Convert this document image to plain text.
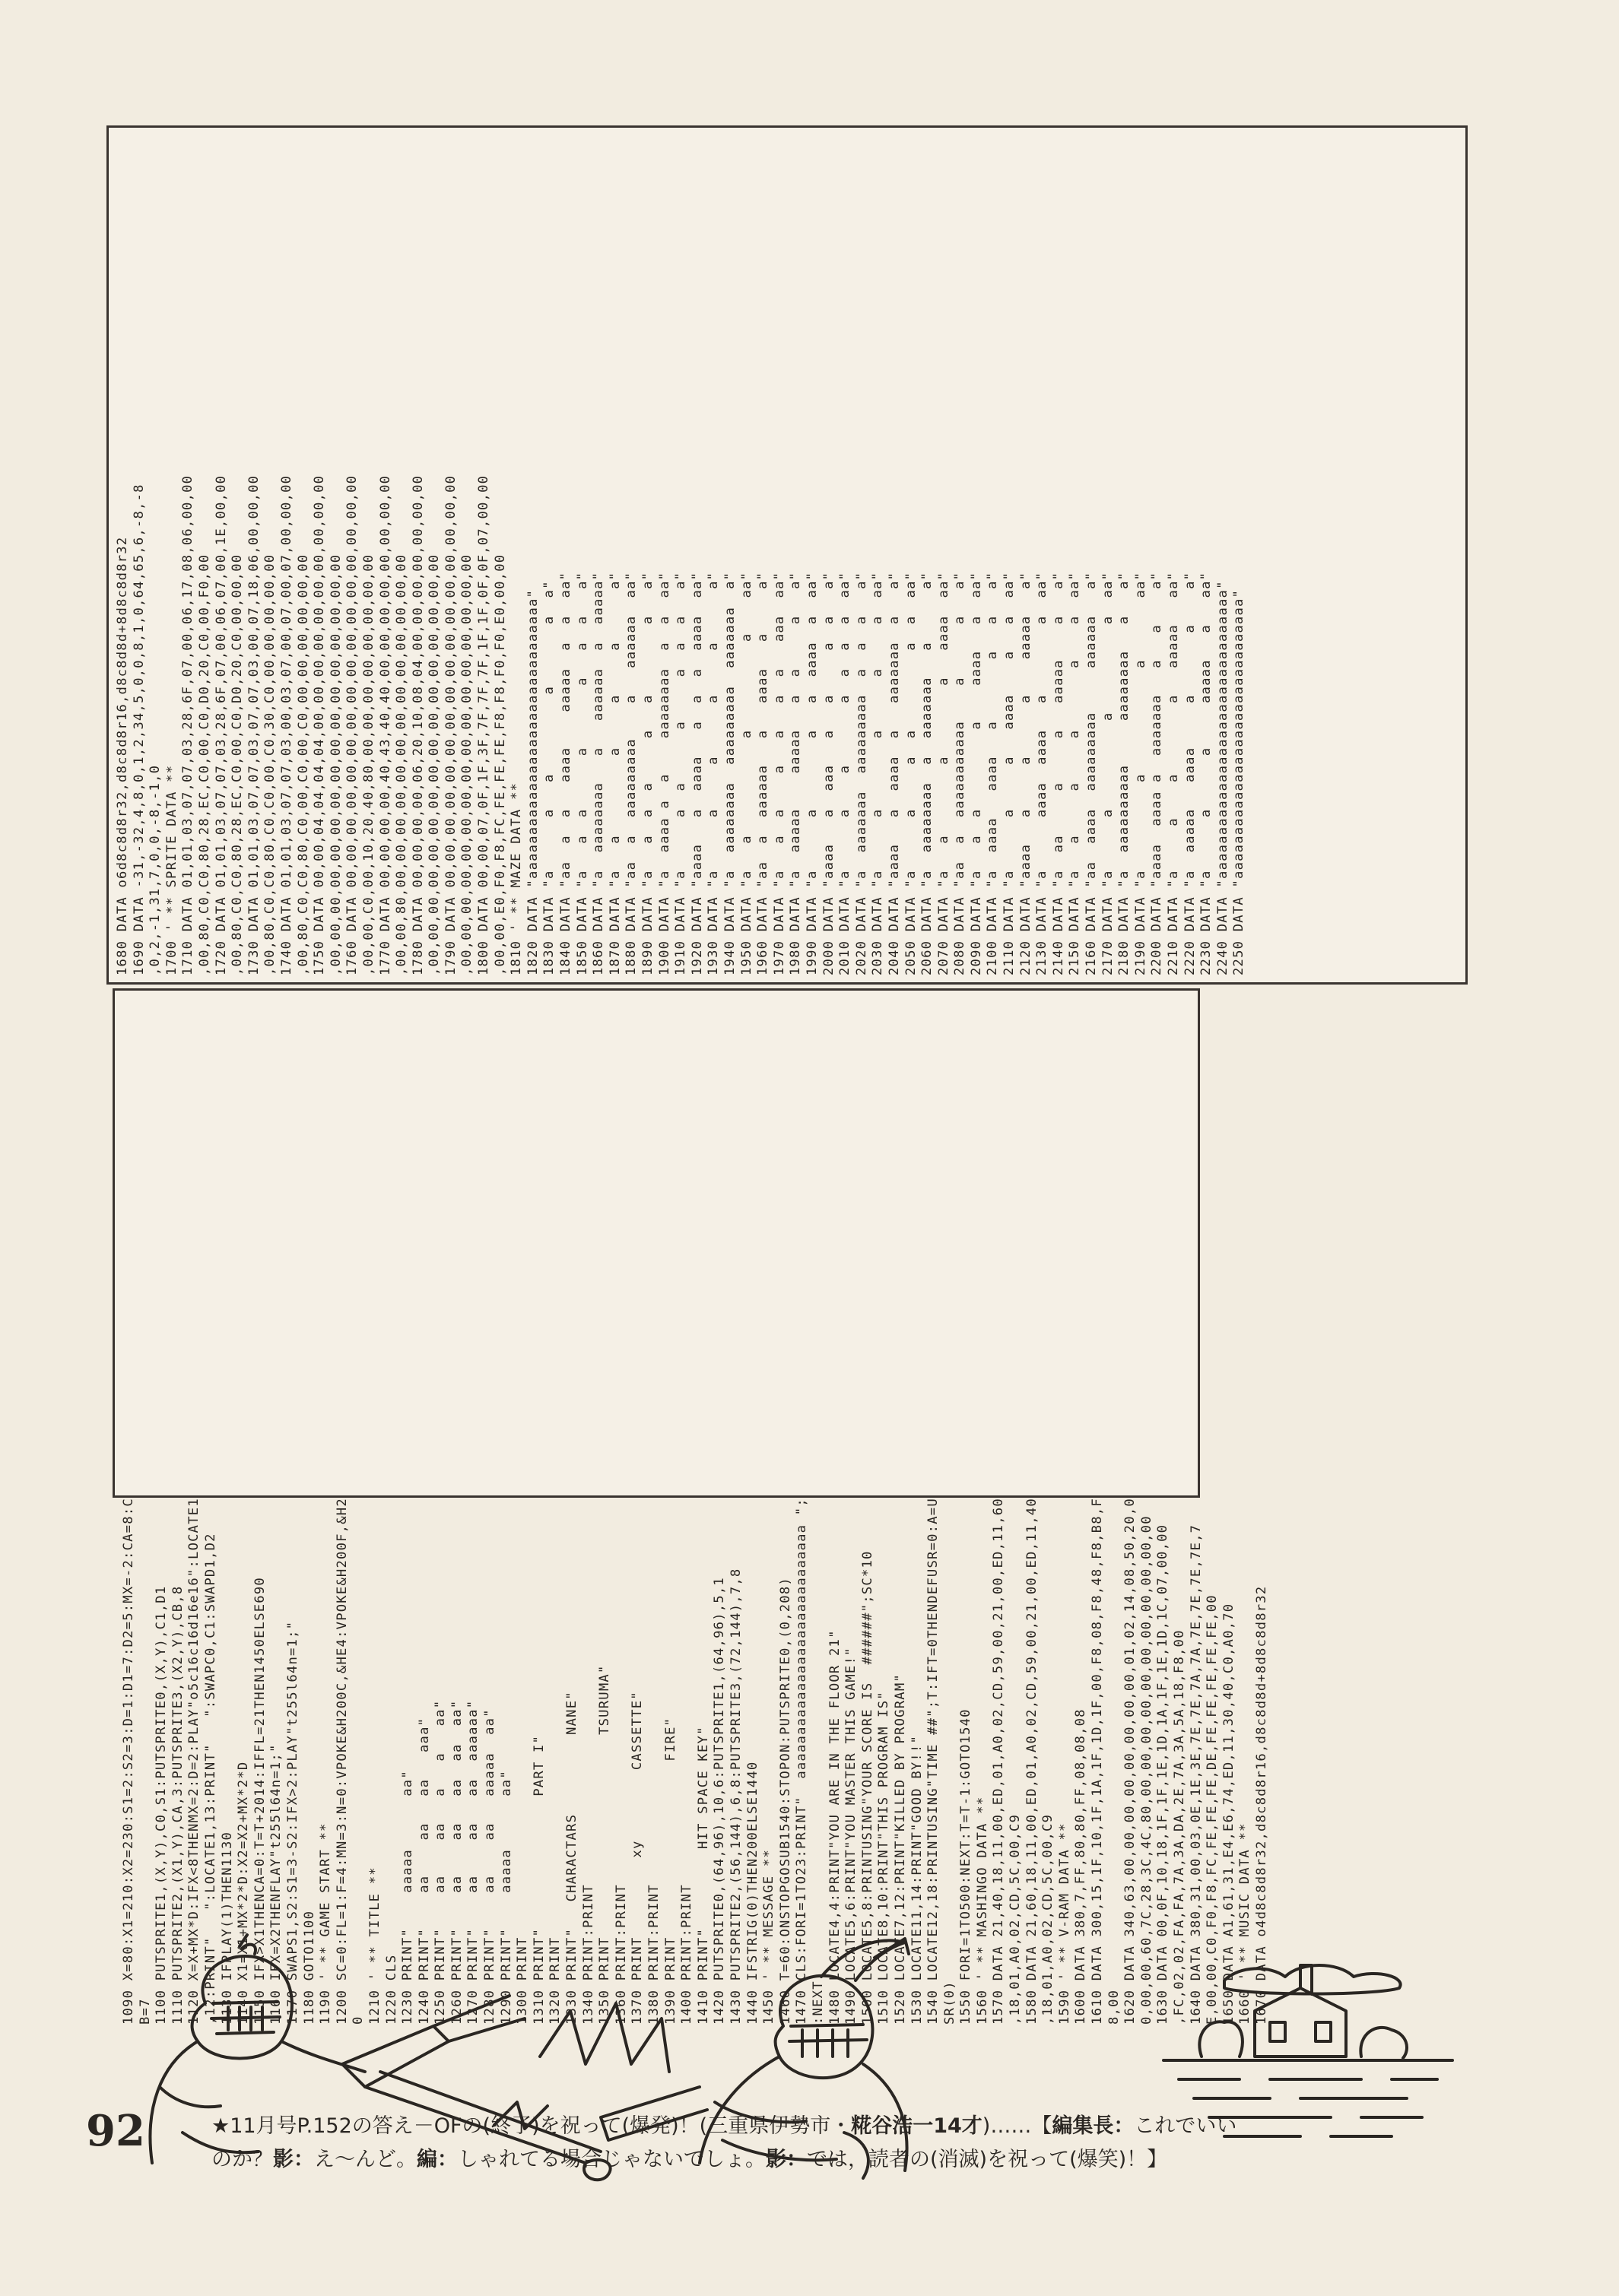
1090 X=80:X1=210:X2=230:S1=2:S2=3:D=1:D1=7:D2=5:MX=-2:CA=8:C B=7 1100 PUTSPRITE1,(X,Y),C0,S1:PUTSPRITE0,(X,Y),C1,D1 1110 PUTSPRITE2,(X1,Y),CA,3:PUTSPRITE3,(X2,Y),CB,8 1120 X=X+MX*D:IFX<8THENMX=2:D=2:PLAY"o5c16c16d16e16":LOCATE1 ,12:PRINT"   ":LOCATE1,13:PRINT"   ":SWAPC0,C1:SWAPD1,D2 1130 IFPLAY(1)THEN1130 1140 X1=X1+MX*2*D:X2=X2+MX*2*D 1150 IFX>X1THENCA=0:T=T+2014:IFFL=21THEN1450ELSE690 1160 IFX=X2THENFLAY"t255l64n=1;" 1170 SWAPS1,S2:S1=3-S2:IFX>2:PLAY"t255l64n=1;" 1180 GOTO1100 1190 ' ** GAME START ** 1200 SC=0:FL=1:F=4:MN=3:N=0:VPOKE&H200C,&HE4:VPOKE&H200F,&H2 0 1210 ' ** TITLE ** 1220 CLS 1230 PRINT"    aaaaa      aa" 1240 PRINT"    aa    aa   aa   aaa" 1250 PRINT"    aa    aa   a   a   aa" 1260 PRINT"    aa    aa   aa  aa  aa" 1270 PRINT"    aa    aa   aa  aaaaaa" 1280 PRINT"    aa    aa   aaaaa  aa" 1290 PRINT"    aaaaa      aa" 1300 PRINT 1310 PRINT"               PART I" 1320 PRINT 1330 PRINT"   CHARACTARS         NANE" 1340 PRINT:PRINT 1350 PRINT                       TSURUMA" 1360 PRINT:PRINT 1370 PRINT         xy        CASSETTE" 1380 PRINT:PRINT 1390 PRINT                    FIRE" 1400 PRINT:PRINT 1410 PRINT"         HIT SPACE KEY" 1420 PUTSPRITE0,(64,96),10,6:PUTSPRITE1,(64,96),5,1 1430 PUTSPRITE2,(56,144),6,8:PUTSPRITE3,(72,144),7,8 1440 IFSTRIG(0)THEN200ELSE1440 1450 ' ** MESSAGE ** 1460 T=60:ONSTOPGOSUB1540:STOPON:PUTSPRITE0,(0,208) 1470 CLS:FORI=1TO23:PRINT"  aaaaaaaaaaaaaaaaaaaaaaaaaaaaa "; :NEXT 1480 LOCATE4,4:PRINT"YOU ARE IN THE FLOOR 21" 1490 LOCATE5,6:PRINT"YOU MASTER THIS GAME!" 1500 LOCATE5,8:PRINTUSING"YOUR SCORE IS  ######";SC*10 1510 LOCATE8,10:PRINT"THIS PROGRAM IS" 1520 LOCATE7,12:PRINT"KILLED BY PROGRAM" 1530 LOCATE11,14:PRINT"GOOD BY!!" 1540 LOCATE12,18:PRINTUSING"TIME ##";T:IFT=0THENDEFUSR=0:A=U SR(0) 1550 FORI=1TO500:NEXT:T=T-1:GOTO1540 1560 ' ** MASHINGO DATA ** 1570 DATA 21,40,18,11,00,ED,01,A0,02,CD,59,00,21,00,ED,11,60 ,18,01,A0,02,CD,5C,00,C9 1580 DATA 21,60,18,11,00,ED,01,A0,02,CD,59,00,21,00,ED,11,40 ,18,01,A0,02,CD,5C,00,C9 1590 ' ** V-RAM DATA ** 1600 DATA 380,7,FF,80,80,FF,08,08,08 1610 DATA 300,15,1F,10,1F,1A,1F,1D,1F,00,F8,08,F8,48,F8,B8,F 8,00 1620 DATA 340,63,00,00,00,00,00,00,00,00,01,02,14,08,50,20,0 0,00,00,60,7C,28,3C,4C,80,00,00,00,00,00,00,00,00,00,00,00 1630 DATA 00,0F,10,18,1F,1F,1E,1D,1A,1F,1E,1D,1C,07,00,00 ,FC,02,02,FA,FA,7A,3A,DA,2E,7A,3A,5A,18,F8,00 1640 DATA 380,31,00,03,0E,1E,3E,7E,7E,7A,7A,7E,7E,7E,7E,7 E,00,00,C0,F0,F8,FC,FE,FE,FE,DE,FE,FE,FE,FE,FE,00 1650 DATA A1,61,31,E4,E6,74,ED,11,30,40,C0,A0,70 1660 ' ** MUSIC DATA ** 1670 DATA o4d8c8d8r32,d8c8d8r16,d8c8d8d+8d8c8d8r32
1680 DATA o6d8c8d8r32,d8c8d8r16,d8c8d8d+8d8c8d8r32 1690 DATA -31,-32,4,8,0,1,2,34,5,0,0,8,1,0,64,65,6,-8,-8 ,0,2,-1,31,7,0,0,-8,-1,0 1700 ' ** SPRITE DATA ** 1710 DATA 01,01,03,07,07,03,28,6F,07,00,06,17,08,06,00,00 ,00,80,C0,C0,80,28,EC,C0,00,C0,D0,20,C0,00,F0,00 1720 DATA 01,01,03,07,07,03,28,6F,07,00,06,07,00,1E,00,00 ,00,80,C0,C0,80,28,EC,C0,00,C0,D0,20,C0,00,00,00 1730 DATA 01,01,03,07,07,03,07,07,03,00,07,18,06,00,00,00 ,00,80,C0,C0,80,C0,C0,00,C0,30,C0,00,00,00,00,00 1740 DATA 01,01,03,07,07,03,00,03,07,00,07,00,07,00,00,00 ,00,80,C0,C0,80,C0,00,C0,00,C0,00,00,00,00,00,00 1750 DATA 00,00,04,04,04,04,00,00,00,00,00,00,00,00,00,00 ,00,00,00,00,00,00,00,00,00,00,00,00,00,00,00,00 1760 DATA 00,00,00,00,00,00,00,00,00,00,00,00,00,00,00,00 ,00,00,C0,00,10,20,40,80,00,00,00,00,00,00,00,00 1770 DATA 00,00,00,00,40,43,40,40,00,00,00,00,00,00,00,00 ,00,00,80,00,00,00,00,00,00,00,00,00,00,00,00,00 1780 DATA 00,00,00,00,06,20,10,08,04,00,00,00,00,00,00,00 ,00,00,00,00,00,00,00,00,00,00,00,00,00,00,00,00 1790 DATA 00,00,00,00,00,00,00,00,00,00,00,00,00,00,00,00 ,00,00,00,00,00,00,00,00,00,00,00,00,00,00,00,00 1800 DATA 00,00,07,0F,1F,3F,7F,7F,7F,1F,1F,0F,0F,07,00,00 ,00,00,E0,F0,F8,FC,FE,FE,FE,F8,F8,F0,F0,E0,00,00 1810 ' ** MAZE DATA ** 1820 DATA "aaaaaaaaaaaaaaaaaaaaaaaaaaaaaaaa" 1830 DATA "a      a   a         a       a  a" 1840 DATA "aa  a  a   aaaa    aaaaa  a  a  aa" 1850 DATA "a   a  a      a       a   a  a   a" 1860 DATA "a  aaaaaaaa   a   aaaaaa  a  aaaaa" 1870 DATA "a   a         a     a     a      a" 1880 DATA "aa  a  aaaaaaaaa    a   aaaaaa  aa" 1890 DATA "a   a  a  a     a   a        a   a" 1900 DATA "a  aaaa a  a    aaaaaaaa  a  a  aa" 1910 DATA "a      a  a      a     a  a  a   a" 1920 DATA "aaaa   a  aaaa   a  a  a  aaaa  aa" 1930 DATA "a      a     a      a     a      a" 1940 DATA "a  aaaaaaaa  aaaaaaaaa  aaaaaaa  a" 1950 DATA "a   a           a          a    aa" 1960 DATA "aa  a  aaaaaa   a   aaaa   a     a" 1970 DATA "a   a  a    a   a   a  a   aaa  aa" 1980 DATA "a  aaaaa    aaaaa   a  a     a   a" 1990 DATA "a      a        a   a  aaaa  a  aa" 2000 DATA "aaaa   a  aaa   a   a     a  a   a" 2010 DATA "a      a    a       a  a  a  a  aa" 2020 DATA "a  aaaaaaa  aaaaaaaaa  a  a  a   a" 2030 DATA "a      a        a      a     a  aa" 2040 DATA "aaaa   a  aaaa  a   aaaaaaa  a   a" 2050 DATA "a      a     a  a         a  a  aa" 2060 DATA "a  aaaaaaaa  a  aaaaaaa   a      a" 2070 DATA "a   a        a        a   aaaa  aa" 2080 DATA "aa  a  aaaaaaaaaaa    a      a   a" 2090 DATA "a   a  a         a    aaaa   a  aa" 2100 DATA "a  aaaa   aaaa   a       a   a   a" 2110 DATA "a      a     a   aaaa    a   a  aa" 2120 DATA "aaaa   a     a      a    aaaaa   a" 2130 DATA "a      aaaa  aaaa   a        a  aa" 2140 DATA "a  aa     a     a   aaaaa    a   a" 2150 DATA "a   a     a     a       a    a  aa" 2160 DATA "aa  aaaa  aaaaaaaaa     aaaaaa   a" 2170 DATA "a      a          a          a  aa" 2180 DATA "a  aaaaaaaaaa     aaaaaaaa   a   a" 2190 DATA "a          a            a       aa" 2200 DATA "aaaa  aaaa a  aaaaaaa   a   a    a" 2210 DATA "a     a    a        a   aaaaa   aa" 2220 DATA "a  aaaaa   aaaa     a       a    a" 2230 DATA "a      a      a     aaaaa   a   aa" 2240 DATA "aaaaaaaaaaaaaaaaaaaaaaaaaaaaaaaaa" 2250 DATA "aaaaaaaaaaaaaaaaaaaaaaaaaaaaaaaa"
92	★11月号P.152の答え－OFの(終了)を祝って(爆発)！(三重県伊勢市・糀谷浩一14才)……【編集長：これでいい
のか？影：え～んど。編：しゃれてる場合じゃないでしょ。影：では，読者の(消滅)を祝って(爆笑)！】
